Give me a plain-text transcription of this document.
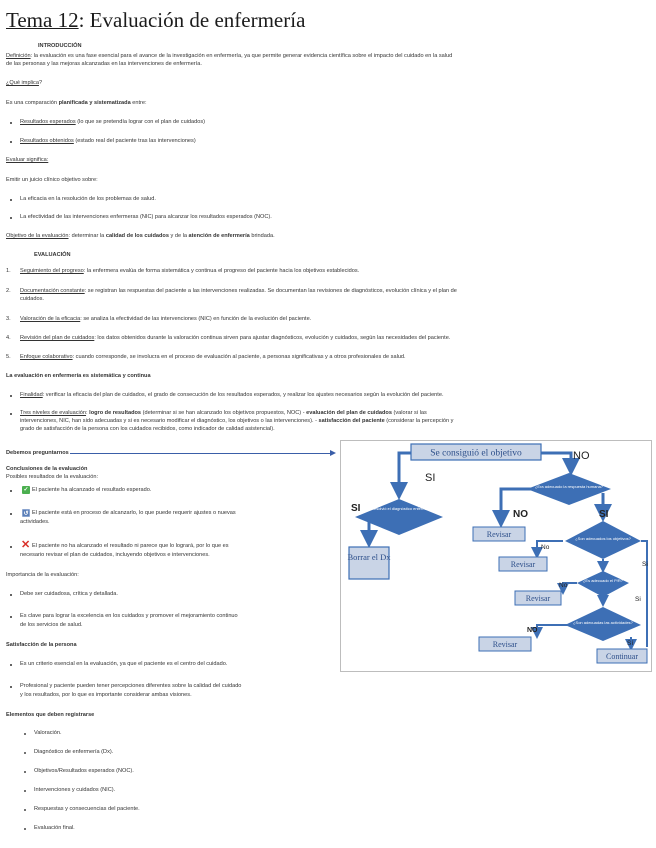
Tema 12: Evaluación de enfermería
INTRODUCCIÓN
Definición: la evaluación es una fase esencial para el avance de la investigación en enfermería, ya que permite generar evidencia científica sobre el impacto del cuidado en la salud
de las personas y las mejoras alcanzadas en las intervenciones de enfermería.
¿Qué implica?
Es una comparación planificada y sistematizada entre:
Resultados esperados (lo que se pretendía lograr con el plan de cuidados)
Resultados obtenidos (estado real del paciente tras las intervenciones)
Evaluar significa:
Emitir un juicio clínico objetivo sobre:
La eficacia en la resolución de los problemas de salud.
La efectividad de las intervenciones enfermeras (NIC) para alcanzar los resultados esperados (NOC).
Objetivo de la evaluación: determinar la calidad de los cuidados y de la atención de enfermería brindada.
EVALUACIÓN
1. Seguimiento del progreso: la enfermera evalúa de forma sistemática y continua el progreso del paciente hacia los objetivos establecidos.
2. Documentación constante: se registran las respuestas del paciente a las intervenciones realizadas. Se documentan las revisiones de diagnósticos, evolución clínica y el plan de
cuidados.
3. Valoración de la eficacia: se analiza la efectividad de las intervenciones (NIC) en función de la evolución del paciente.
4. Revisión del plan de cuidados: los datos obtenidos durante la valoración continua sirven para ajustar diagnósticos, evolución y cuidados, según las necesidades del paciente.
5. Enfoque colaborativo: cuando corresponde, se involucra en el proceso de evaluación al paciente, a personas significativas y a otros profesionales de salud.
La evaluación en enfermería es sistemática y continua
Finalidad: verificar la eficacia del plan de cuidados, el grado de consecución de los resultados esperados, y realizar los ajustes necesarios según la evolución del paciente.
Tres niveles de evaluación: logro de resultados (determinar si se han alcanzado los objetivos propuestos, NOC) - evaluación del plan de cuidados (valorar si las
intervenciones, NIC, han sido adecuadas y si es necesario modificar el diagnóstico, los objetivos o las intervenciones). - satisfacción del paciente (considerar la percepción y
grado de satisfacción de la persona con los cuidados recibidos, como indicador de calidad asistencial).
Debemos preguntarnos
Conclusiones de la evaluación
Posibles resultados de la evaluación:
✓ El paciente ha alcanzado el resultado esperado.
↺ El paciente está en proceso de alcanzarlo, lo que puede requerir ajustes o nuevas
actividades.
✕ El paciente no ha alcanzado el resultado ni parece que lo logrará, por lo que es
necesario revisar el plan de cuidados, incluyendo objetivos e intervenciones.
Importancia de la evaluación:
Debe ser cuidadosa, crítica y detallada.
Es clave para lograr la excelencia en los cuidados y promover el mejoramiento continuo
de los servicios de salud.
Satisfacción de la persona
Es un criterio esencial en la evaluación, ya que el paciente es el centro del cuidado.
Profesional y paciente pueden tener percepciones diferentes sobre la calidad del cuidado
y los resultados, por lo que es importante considerar ambas visiones.
Elementos que deben registrarse
Valoración.
Diagnóstico de enfermería (Dx).
Objetivos/Resultados esperados (NOC).
Intervenciones y cuidados (NIC).
Respuestas y consecuencias del paciente.
Evaluación final.
Se consiguió el objetivo	NO
SI
Se resolvió el diagnóstico enfermero
SI
Borrar el Dx
¿Era adecuado la respuesta humana?
NO	SI
Revisar	¿Son adecuados los objetivos?
No
Si
Revisar
¿Es adecuado el P/R?
No
Si
Revisar
¿Son adecuadas las actividades?
NO
Sí
Revisar
Continuar
